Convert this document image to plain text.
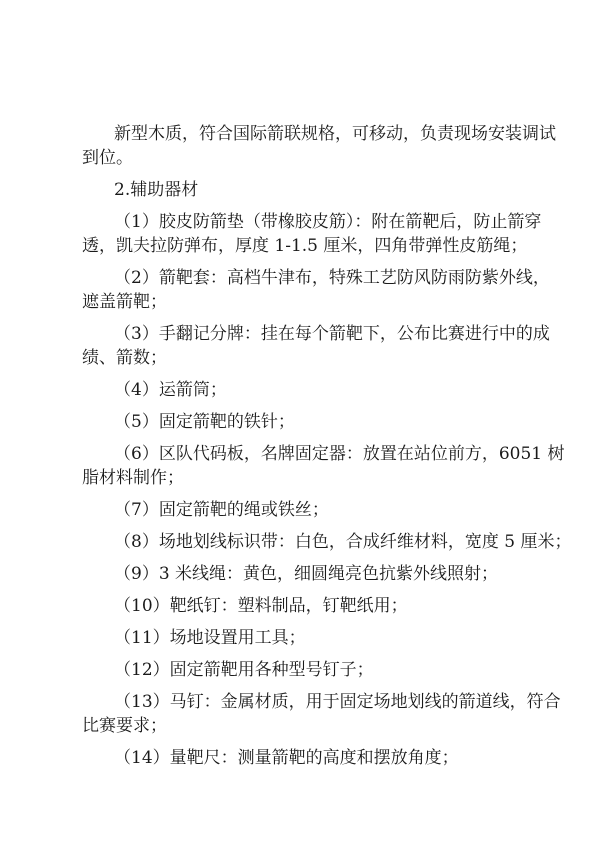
新型木质，符合国际箭联规格，可移动，负责现场安装调试
到位。
2.辅助器材
（1）胶皮防箭垫（带橡胶皮筋）：附在箭靶后，防止箭穿
透，凯夫拉防弹布，厚度 1-1.5 厘米，四角带弹性皮筋绳；
（2）箭靶套：高档牛津布，特殊工艺防风防雨防紫外线，
遮盖箭靶；
（3）手翻记分牌：挂在每个箭靶下，公布比赛进行中的成
绩、箭数；
（4）运箭筒；
（5）固定箭靶的铁针；
（6）区队代码板，名牌固定器：放置在站位前方，6051 树
脂材料制作；
（7）固定箭靶的绳或铁丝；
（8）场地划线标识带：白色，合成纤维材料，宽度 5 厘米；
（9）3 米线绳：黄色，细圆绳亮色抗紫外线照射；
（10）靶纸钉：塑料制品，钉靶纸用；
（11）场地设置用工具；
（12）固定箭靶用各种型号钉子；
（13）马钉：金属材质，用于固定场地划线的箭道线，符合
比赛要求；
（14）量靶尺：测量箭靶的高度和摆放角度；
